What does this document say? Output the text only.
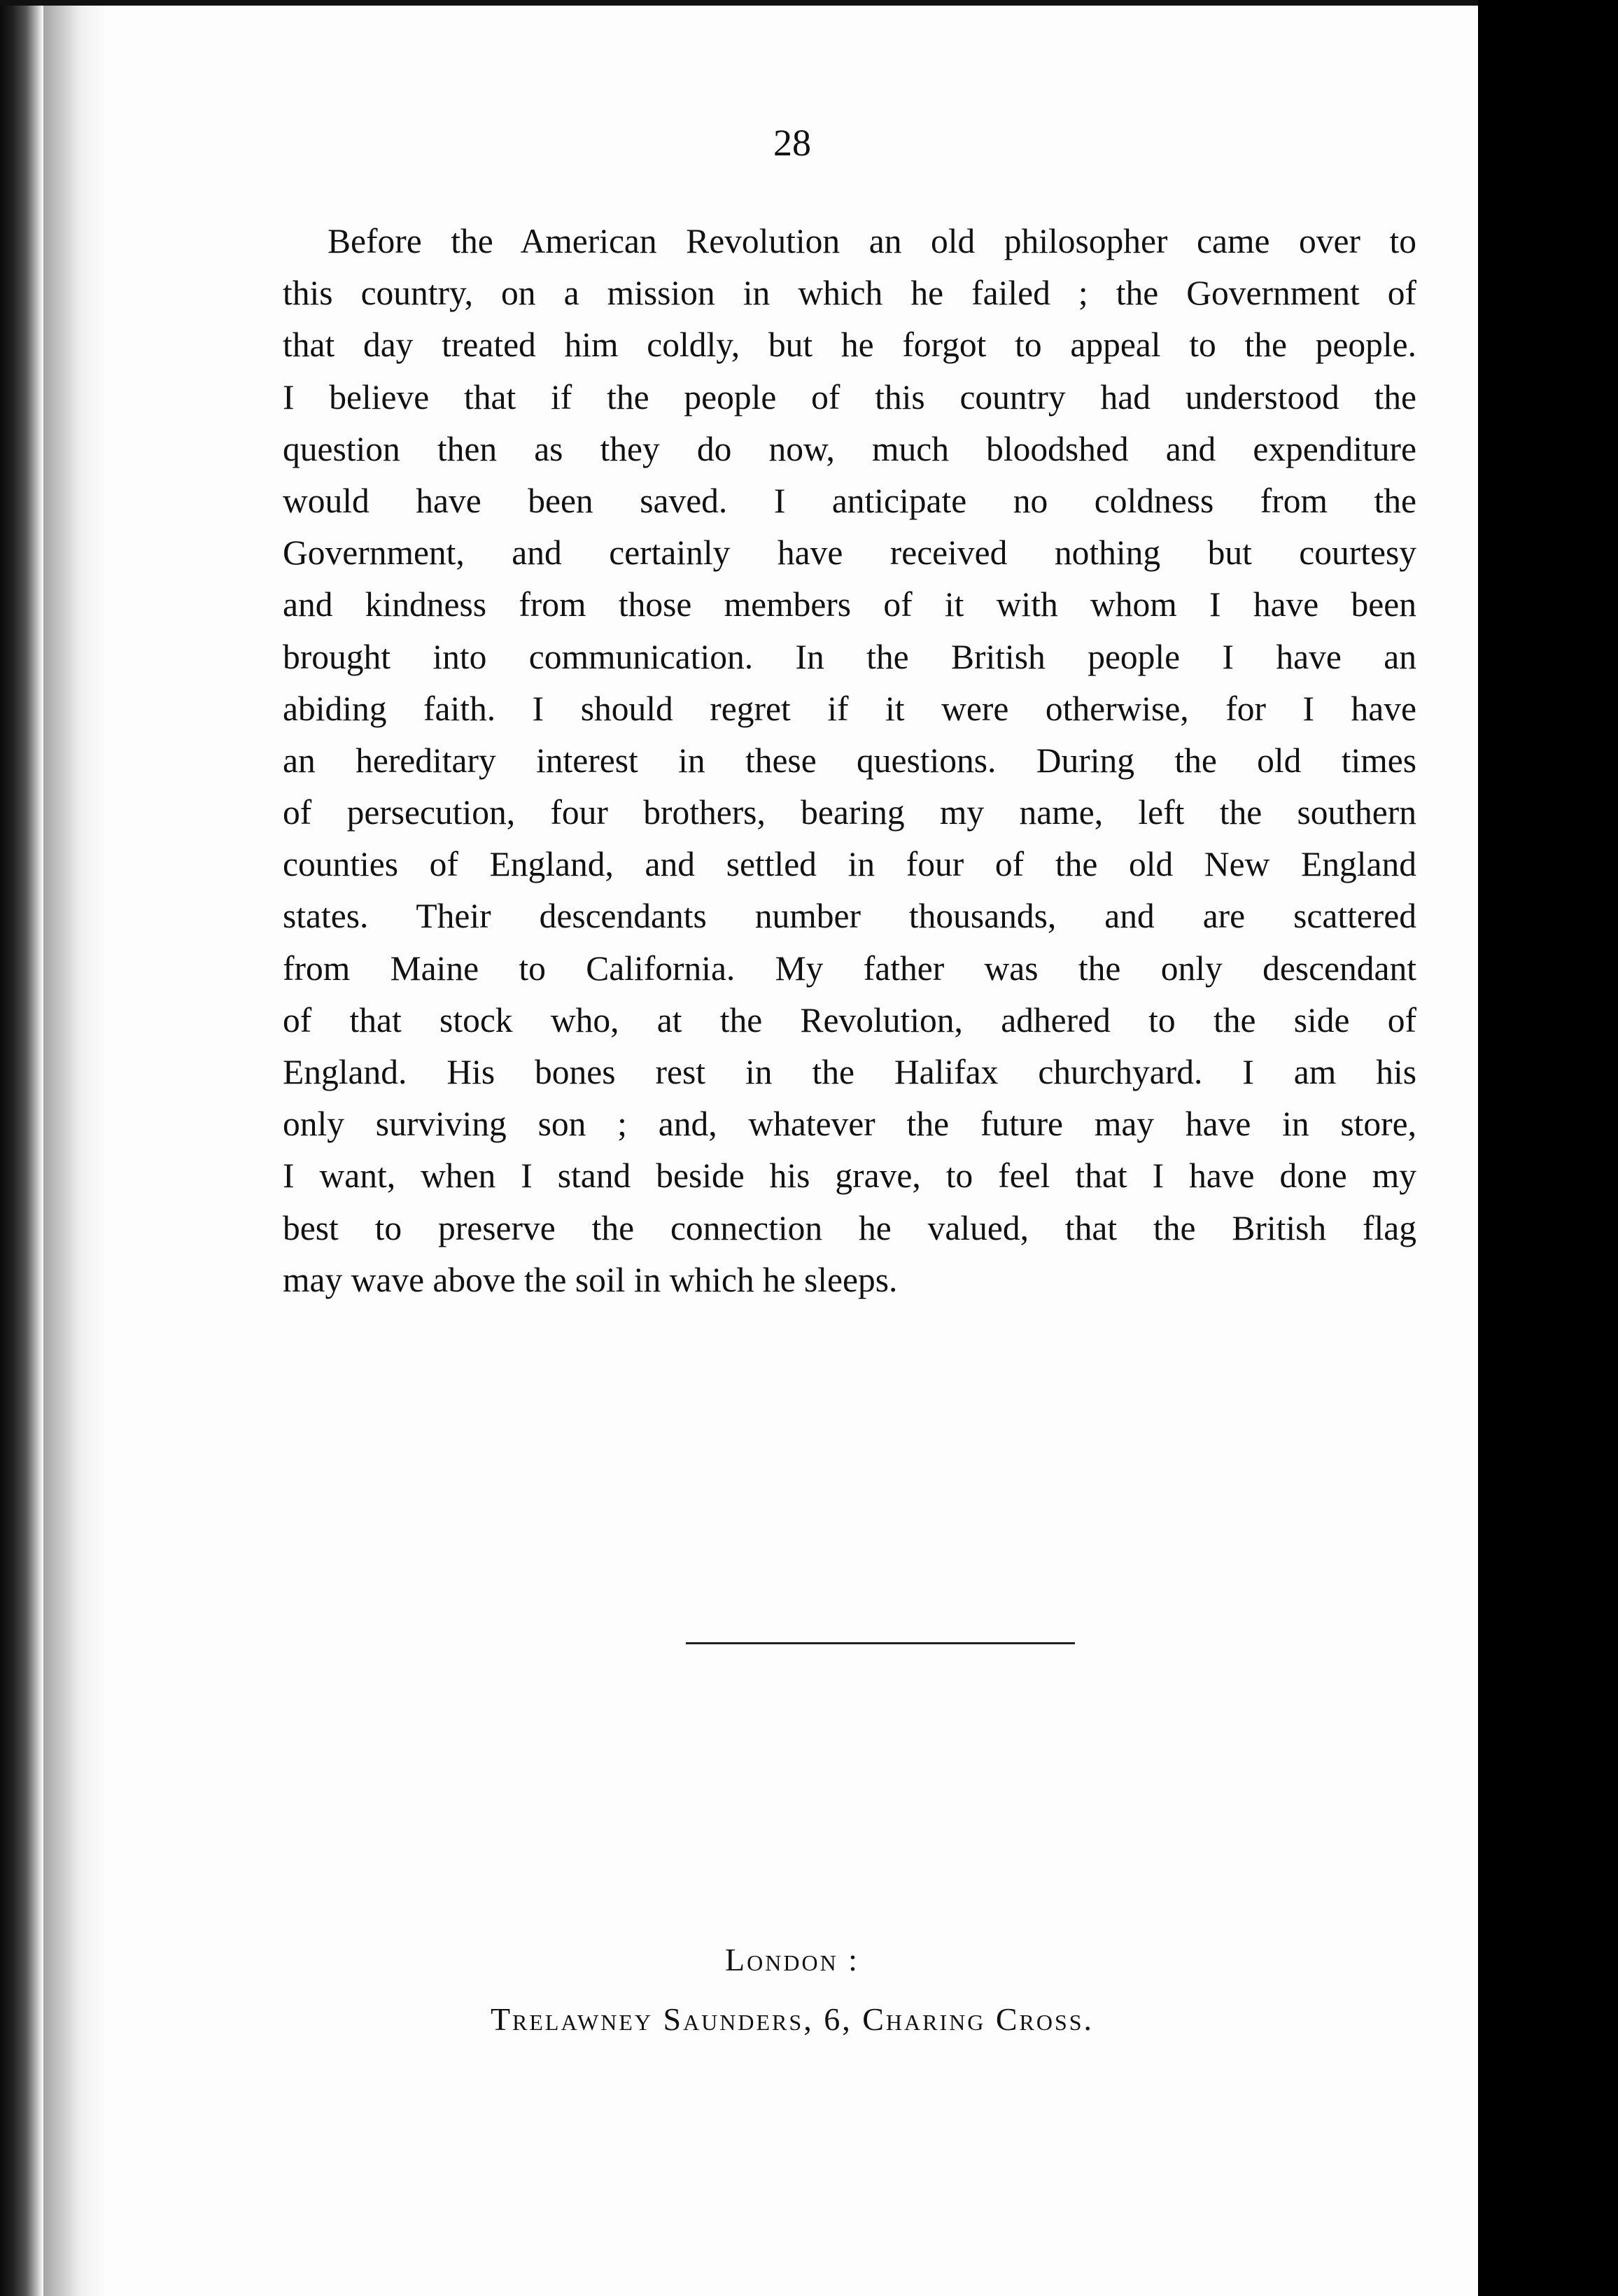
28
Before the American Revolution an old philosopher came over to
this country, on a mission in which he failed ; the Government of
that day treated him coldly, but he forgot to appeal to the people.
I believe that if the people of this country had understood the
question then as they do now, much bloodshed and expenditure
would have been saved. I anticipate no coldness from the
Government, and certainly have received nothing but courtesy
and kindness from those members of it with whom I have been
brought into communication. In the British people I have an
abiding faith. I should regret if it were otherwise, for I have
an hereditary interest in these questions. During the old times
of persecution, four brothers, bearing my name, left the southern
counties of England, and settled in four of the old New England
states. Their descendants number thousands, and are scattered
from Maine to California. My father was the only descendant
of that stock who, at the Revolution, adhered to the side of
England. His bones rest in the Halifax churchyard. I am his
only surviving son ; and, whatever the future may have in store,
I want, when I stand beside his grave, to feel that I have done my
best to preserve the connection he valued, that the British flag
may wave above the soil in which he sleeps.
London :
Trelawney Saunders, 6, Charing Cross.
